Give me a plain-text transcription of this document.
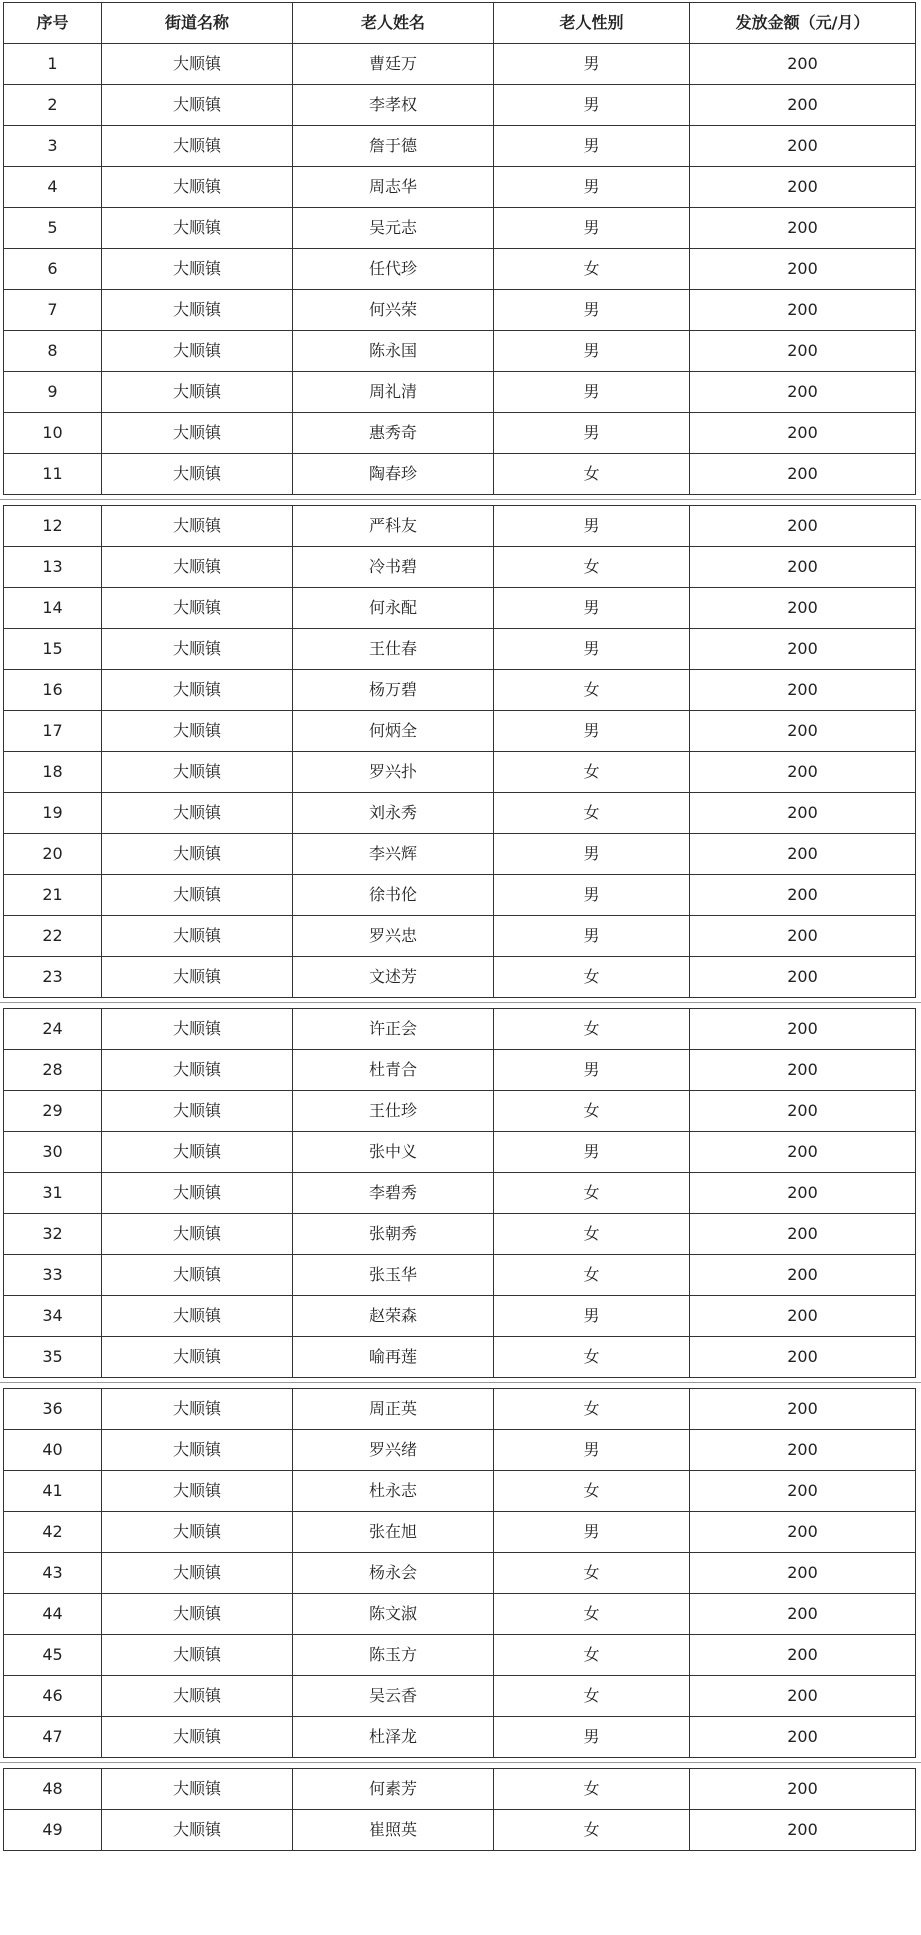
序号	街道名称	老人姓名	老人性别	发放金额（元/月）
1	大顺镇	曹廷万	男	200
2	大顺镇	李孝权	男	200
3	大顺镇	詹于德	男	200
4	大顺镇	周志华	男	200
5	大顺镇	吴元志	男	200
6	大顺镇	任代珍	女	200
7	大顺镇	何兴荣	男	200
8	大顺镇	陈永国	男	200
9	大顺镇	周礼清	男	200
10	大顺镇	惠秀奇	男	200
11	大顺镇	陶春珍	女	200
12	大顺镇	严科友	男	200
13	大顺镇	冷书碧	女	200
14	大顺镇	何永配	男	200
15	大顺镇	王仕春	男	200
16	大顺镇	杨万碧	女	200
17	大顺镇	何炳全	男	200
18	大顺镇	罗兴扑	女	200
19	大顺镇	刘永秀	女	200
20	大顺镇	李兴辉	男	200
21	大顺镇	徐书伦	男	200
22	大顺镇	罗兴忠	男	200
23	大顺镇	文述芳	女	200
24	大顺镇	许正会	女	200
28	大顺镇	杜青合	男	200
29	大顺镇	王仕珍	女	200
30	大顺镇	张中义	男	200
31	大顺镇	李碧秀	女	200
32	大顺镇	张朝秀	女	200
33	大顺镇	张玉华	女	200
34	大顺镇	赵荣森	男	200
35	大顺镇	喻再莲	女	200
36	大顺镇	周正英	女	200
40	大顺镇	罗兴绪	男	200
41	大顺镇	杜永志	女	200
42	大顺镇	张在旭	男	200
43	大顺镇	杨永会	女	200
44	大顺镇	陈文淑	女	200
45	大顺镇	陈玉方	女	200
46	大顺镇	吴云香	女	200
47	大顺镇	杜泽龙	男	200
48	大顺镇	何素芳	女	200
49	大顺镇	崔照英	女	200
